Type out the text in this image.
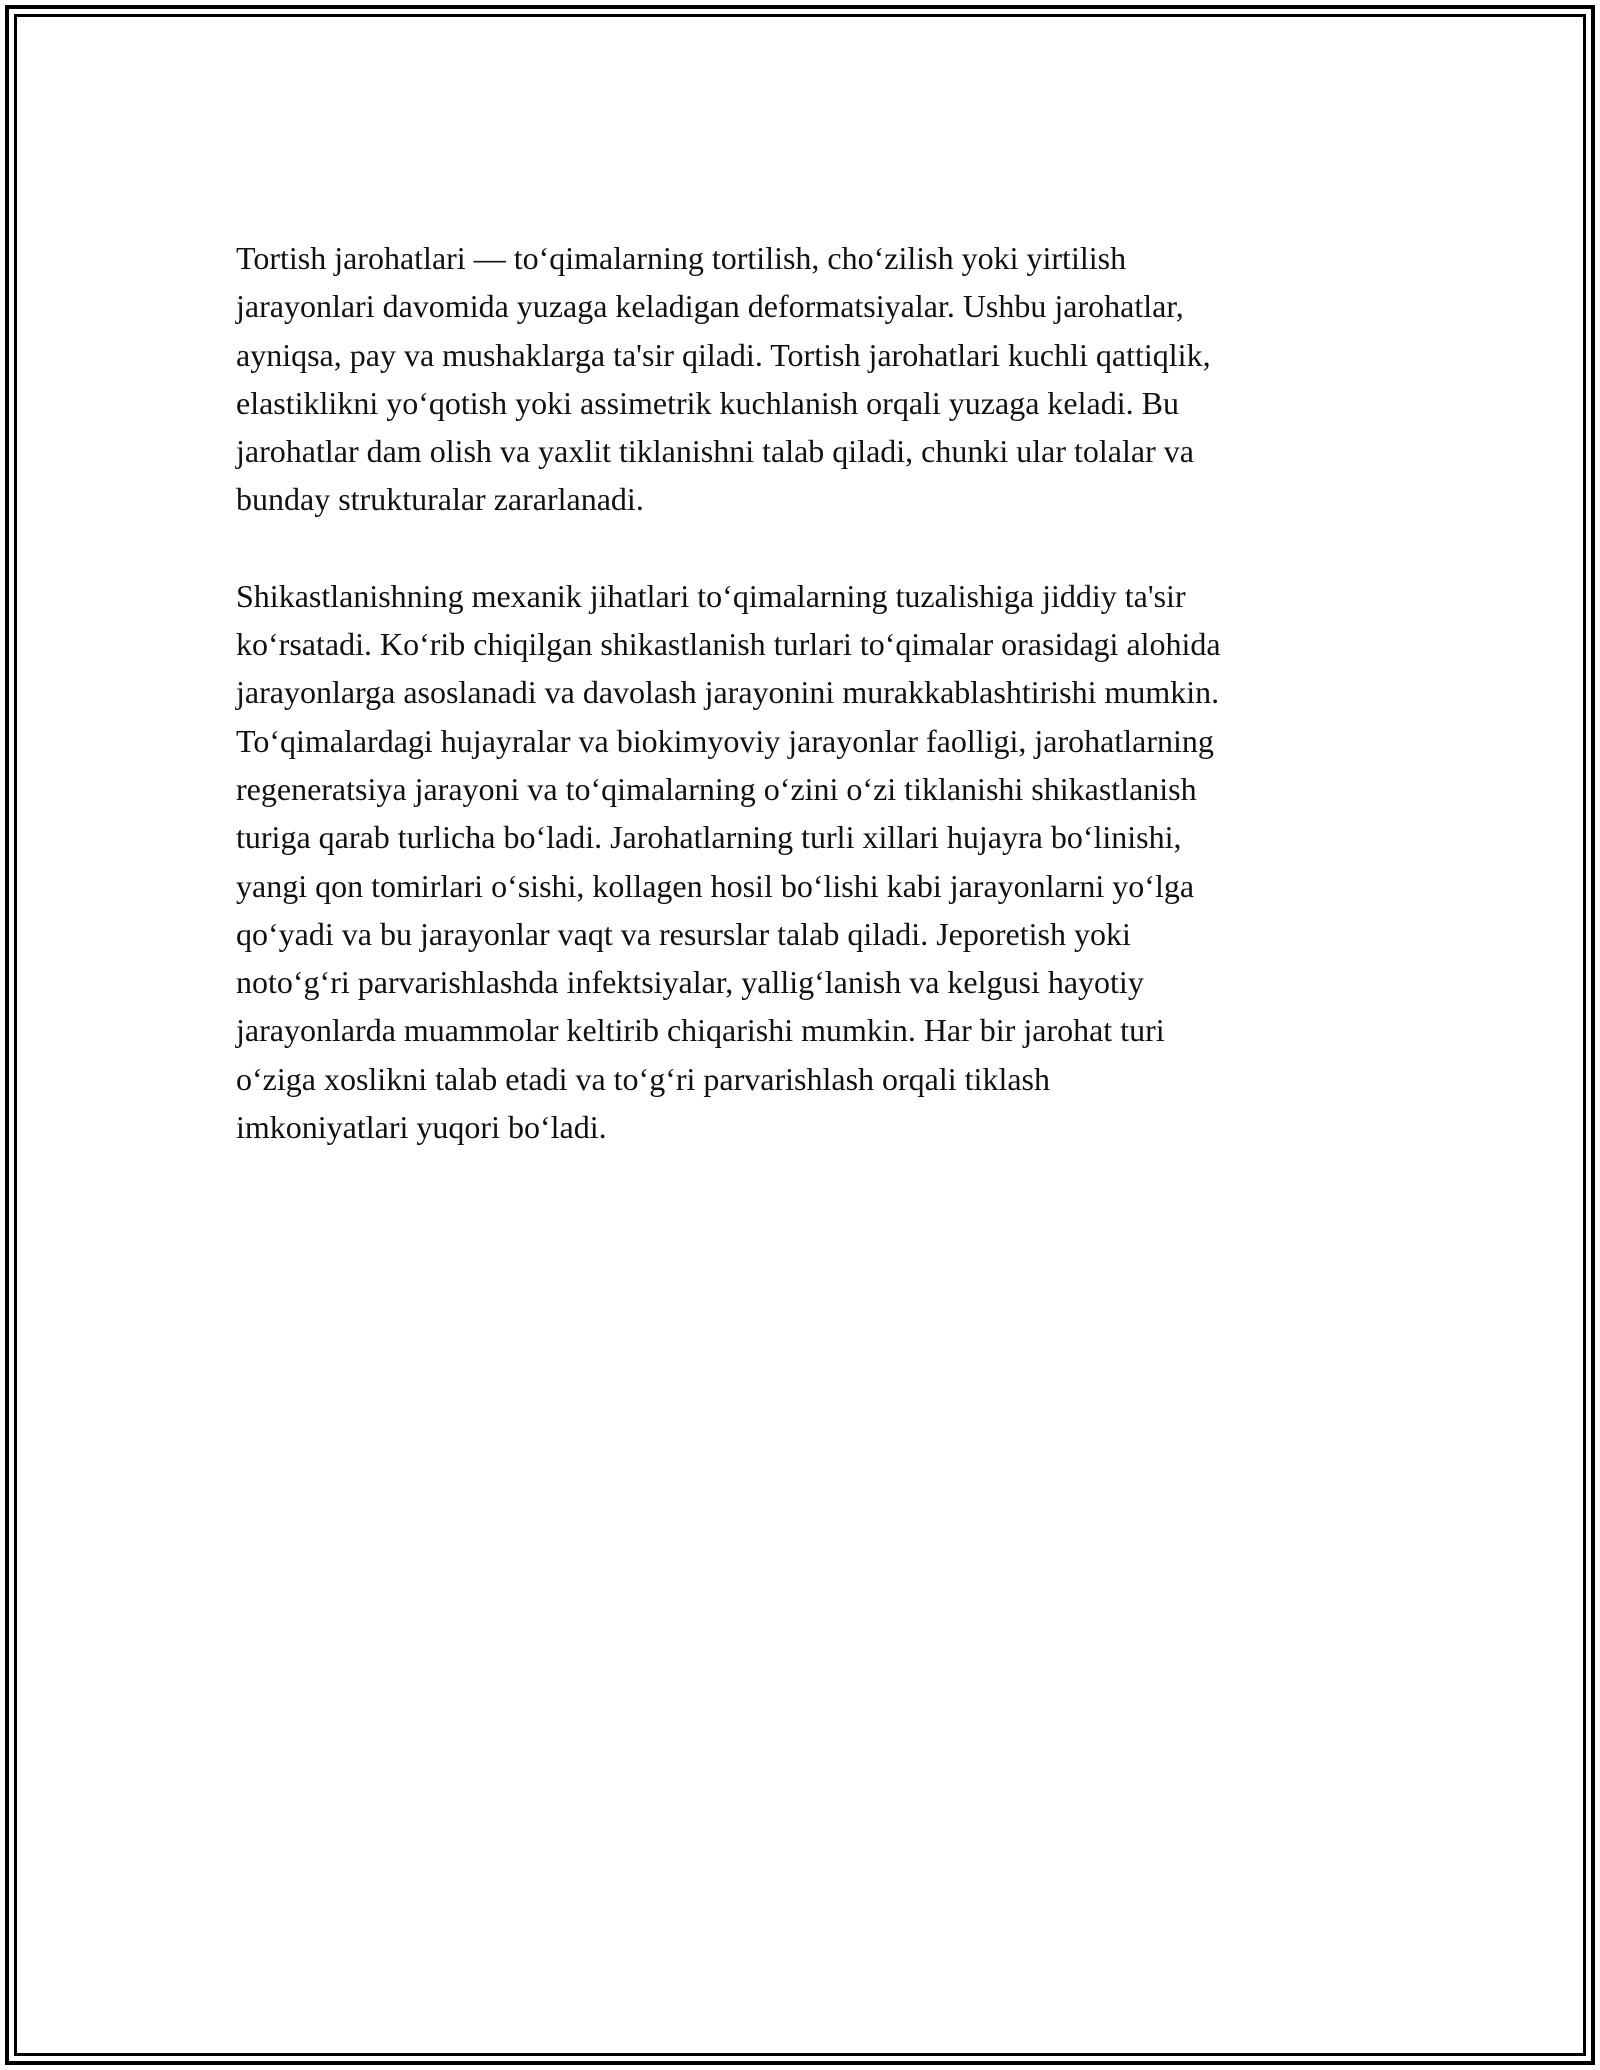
Tortish jarohatlari — to‘qimalarning tortilish, cho‘zilish yoki yirtilish
jarayonlari davomida yuzaga keladigan deformatsiyalar. Ushbu jarohatlar,
ayniqsa, pay va mushaklarga ta'sir qiladi. Tortish jarohatlari kuchli qattiqlik,
elastiklikni yo‘qotish yoki assimetrik kuchlanish orqali yuzaga keladi. Bu
jarohatlar dam olish va yaxlit tiklanishni talab qiladi, chunki ular tolalar va
bunday strukturalar zararlanadi.

Shikastlanishning mexanik jihatlari to‘qimalarning tuzalishiga jiddiy ta'sir
ko‘rsatadi. Ko‘rib chiqilgan shikastlanish turlari to‘qimalar orasidagi alohida
jarayonlarga asoslanadi va davolash jarayonini murakkablashtirishi mumkin.
To‘qimalardagi hujayralar va biokimyoviy jarayonlar faolligi, jarohatlarning
regeneratsiya jarayoni va to‘qimalarning o‘zini o‘zi tiklanishi shikastlanish
turiga qarab turlicha bo‘ladi. Jarohatlarning turli xillari hujayra bo‘linishi,
yangi qon tomirlari o‘sishi, kollagen hosil bo‘lishi kabi jarayonlarni yo‘lga
qo‘yadi va bu jarayonlar vaqt va resurslar talab qiladi. Jeporetish yoki
noto‘g‘ri parvarishlashda infektsiyalar, yallig‘lanish va kelgusi hayotiy
jarayonlarda muammolar keltirib chiqarishi mumkin. Har bir jarohat turi
o‘ziga xoslikni talab etadi va to‘g‘ri parvarishlash orqali tiklash
imkoniyatlari yuqori bo‘ladi.
